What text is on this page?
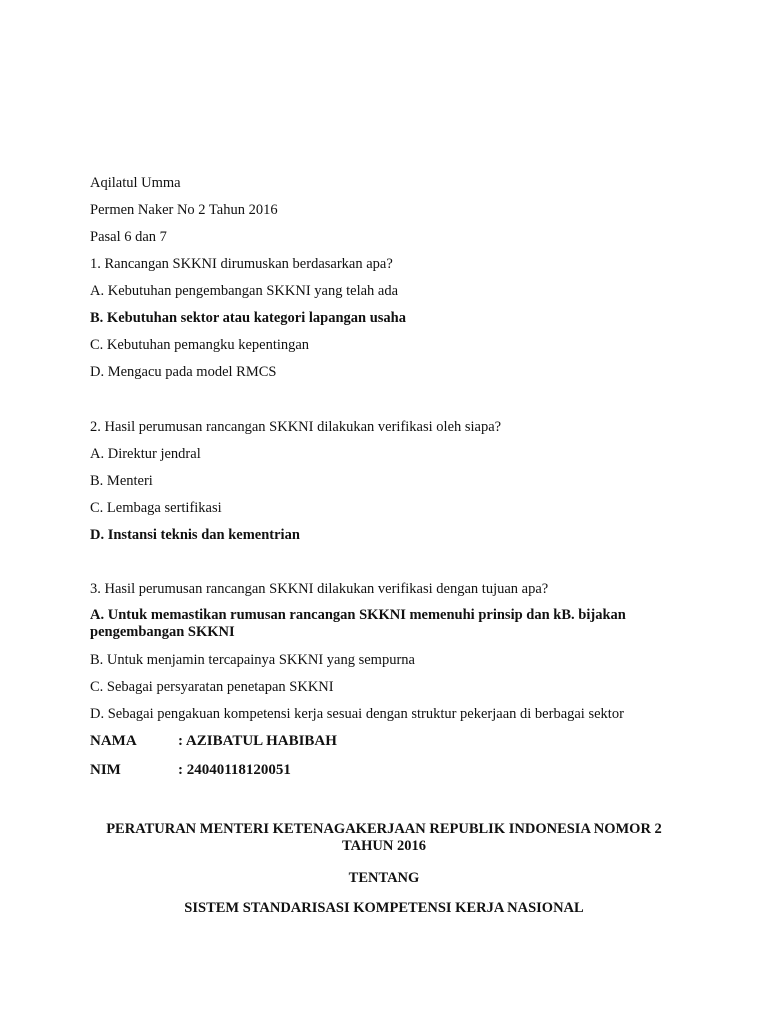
Aqilatul Umma
Permen Naker No 2 Tahun 2016
Pasal 6 dan 7
1. Rancangan SKKNI dirumuskan berdasarkan apa?
A. Kebutuhan pengembangan SKKNI yang telah ada
B. Kebutuhan sektor atau kategori lapangan usaha
C. Kebutuhan pemangku kepentingan
D. Mengacu pada model RMCS
2. Hasil perumusan rancangan SKKNI dilakukan verifikasi oleh siapa?
A. Direktur jendral
B. Menteri
C. Lembaga sertifikasi
D. Instansi teknis dan kementrian
3. Hasil perumusan rancangan SKKNI dilakukan verifikasi dengan tujuan apa?
A. Untuk memastikan rumusan rancangan SKKNI memenuhi prinsip dan kB. bijakan pengembangan SKKNI
B. Untuk menjamin tercapainya SKKNI yang sempurna
C. Sebagai persyaratan penetapan SKKNI
D. Sebagai pengakuan kompetensi kerja sesuai dengan struktur pekerjaan di berbagai sektor
NAMA	: AZIBATUL HABIBAH
NIM	: 24040118120051
PERATURAN MENTERI KETENAGAKERJAAN REPUBLIK INDONESIA NOMOR 2
TAHUN 2016
TENTANG
SISTEM STANDARISASI KOMPETENSI KERJA NASIONAL
